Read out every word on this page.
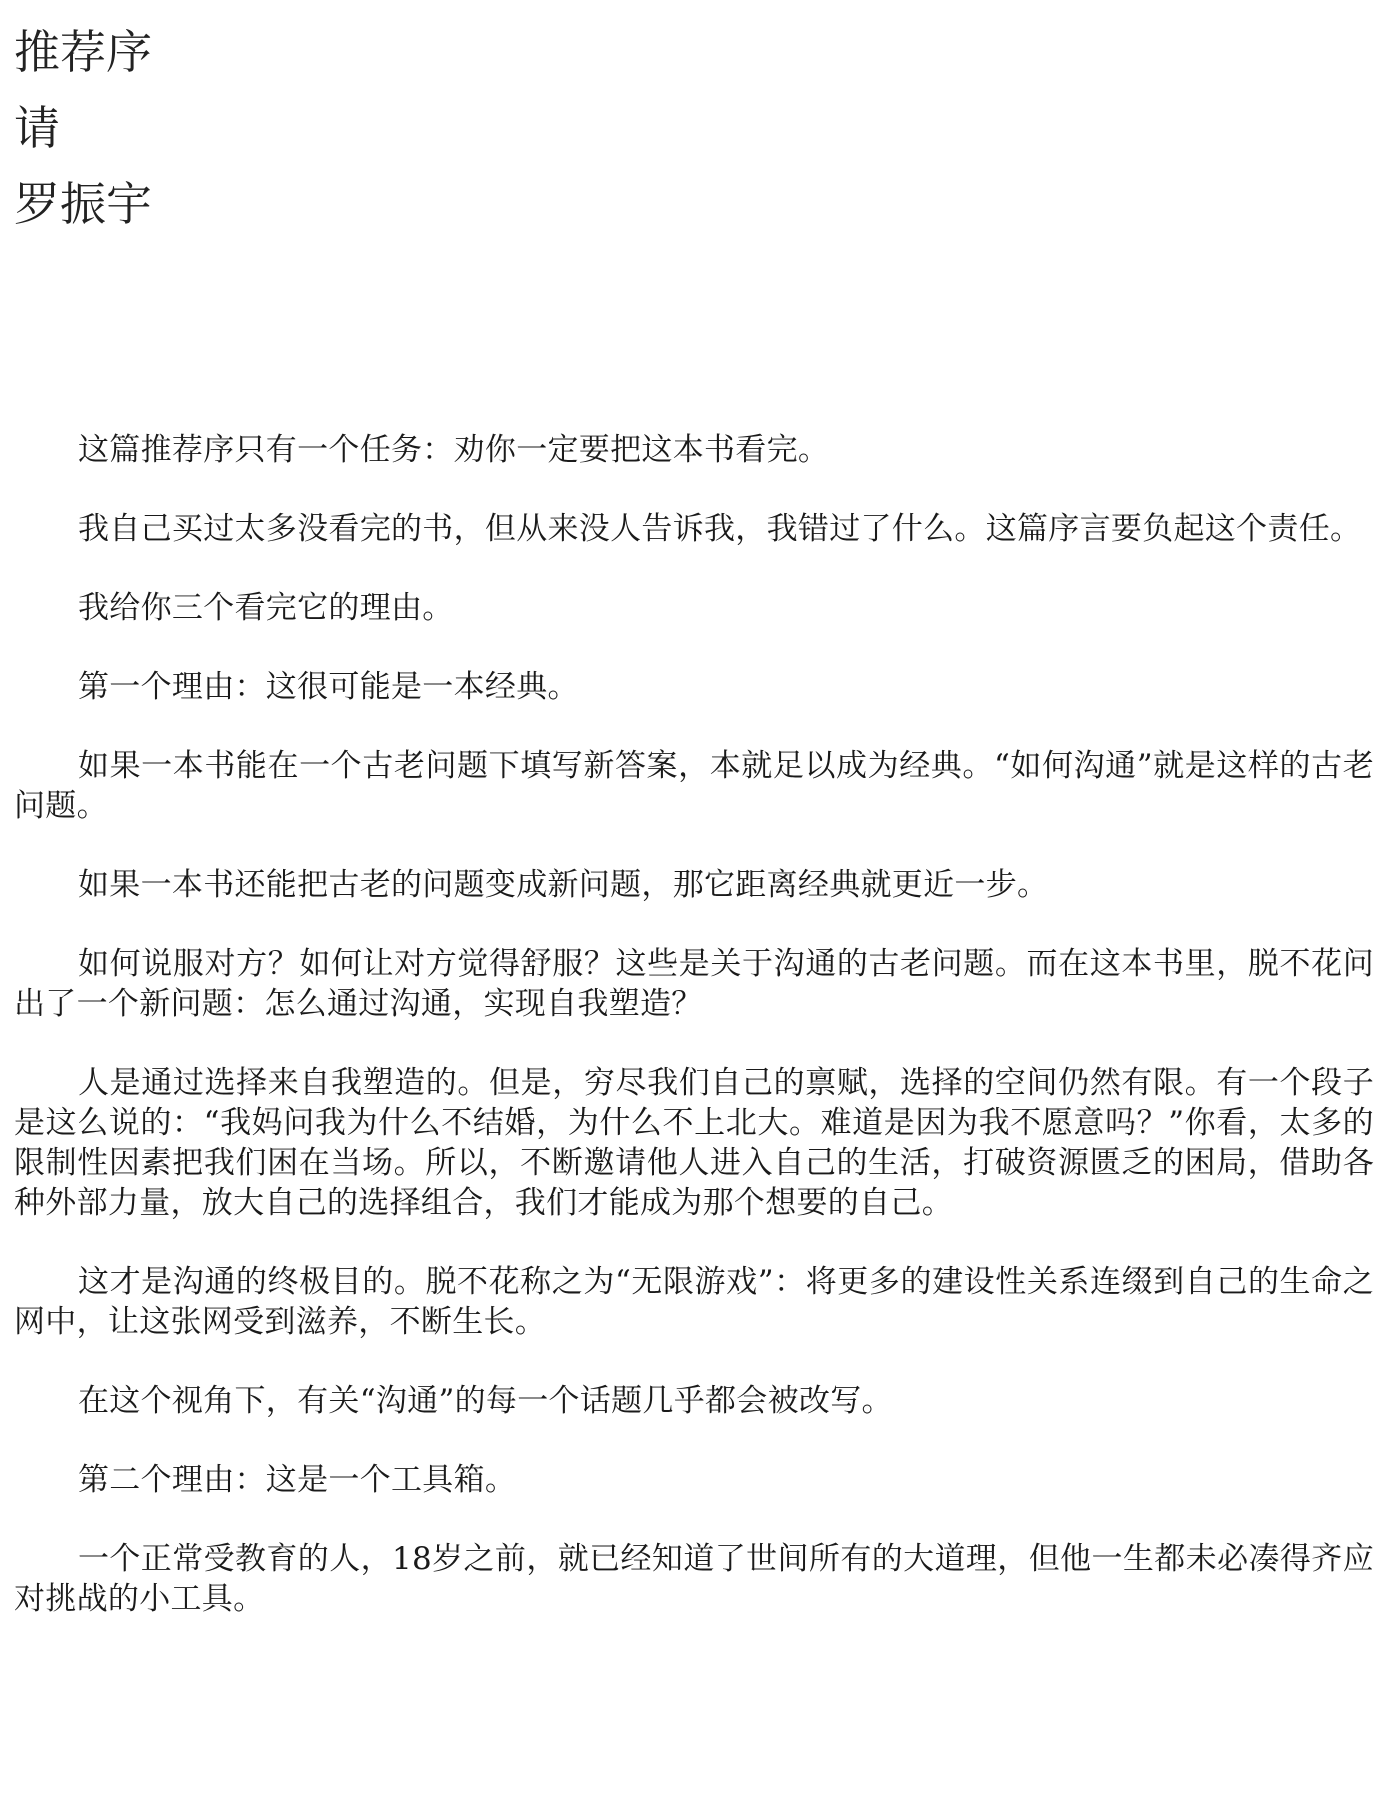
推荐序
请
罗振宇

这篇推荐序只有一个任务：劝你一定要把这本书看完。

我自己买过太多没看完的书，但从来没人告诉我，我错过了什么。这篇序言要负起这个责任。

我给你三个看完它的理由。

第一个理由：这很可能是一本经典。

如果一本书能在一个古老问题下填写新答案，本就足以成为经典。“如何沟通”就是这样的古老问题。

如果一本书还能把古老的问题变成新问题，那它距离经典就更近一步。

如何说服对方？如何让对方觉得舒服？这些是关于沟通的古老问题。而在这本书里，脱不花问出了一个新问题：怎么通过沟通，实现自我塑造？

人是通过选择来自我塑造的。但是，穷尽我们自己的禀赋，选择的空间仍然有限。有一个段子是这么说的：“我妈问我为什么不结婚，为什么不上北大。难道是因为我不愿意吗？”你看，太多的限制性因素把我们困在当场。所以，不断邀请他人进入自己的生活，打破资源匮乏的困局，借助各种外部力量，放大自己的选择组合，我们才能成为那个想要的自己。

这才是沟通的终极目的。脱不花称之为“无限游戏”：将更多的建设性关系连缀到自己的生命之网中，让这张网受到滋养，不断生长。

在这个视角下，有关“沟通”的每一个话题几乎都会被改写。

第二个理由：这是一个工具箱。

一个正常受教育的人，18岁之前，就已经知道了世间所有的大道理，但他一生都未必凑得齐应对挑战的小工具。
